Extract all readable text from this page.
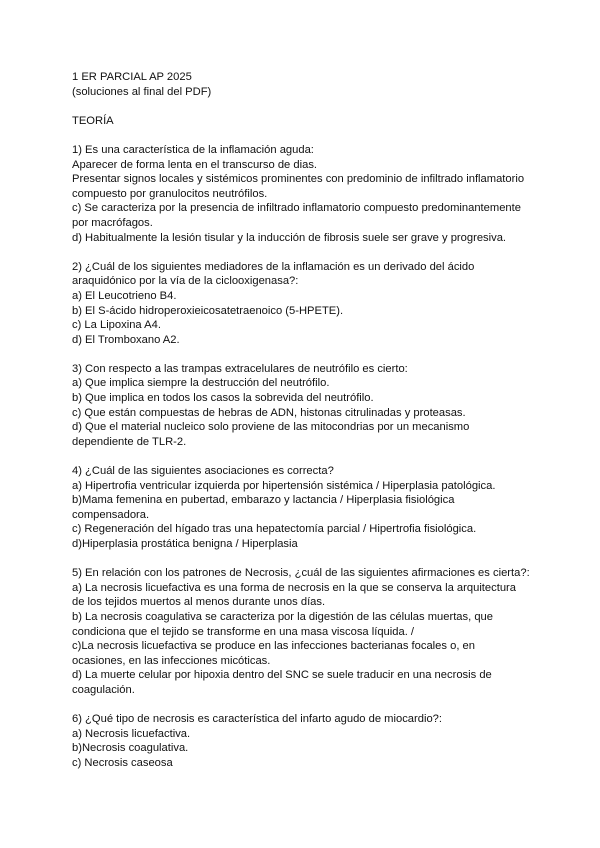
1 ER PARCIAL AP 2025
(soluciones al final del PDF)
TEORÍA
1) Es una característica de la inflamación aguda:
Aparecer de forma lenta en el transcurso de dias.
Presentar signos locales y sistémicos prominentes con predominio de infiltrado inflamatorio
compuesto por granulocitos neutrófilos.
c) Se caracteriza por la presencia de infiltrado inflamatorio compuesto predominantemente
por macrófagos.
d) Habitualmente la lesión tisular y la inducción de fibrosis suele ser grave y progresiva.
2) ¿Cuál de los siguientes mediadores de la inflamación es un derivado del ácido
araquidónico por la vía de la ciclooxigenasa?:
a) El Leucotrieno B4.
b) El S-ácido hidroperoxieicosatetraenoico (5-HPETE).
c) La Lipoxina A4.
d) El Tromboxano A2.
3) Con respecto a las trampas extracelulares de neutrófilo es cierto:
a) Que implica siempre la destrucción del neutrófilo.
b) Que implica en todos los casos la sobrevida del neutrófilo.
c) Que están compuestas de hebras de ADN, histonas citrulinadas y proteasas.
d) Que el material nucleico solo proviene de las mitocondrias por un mecanismo
dependiente de TLR-2.
4) ¿Cuál de las siguientes asociaciones es correcta?
a) Hipertrofia ventricular izquierda por hipertensión sistémica / Hiperplasia patológica.
b)Mama femenina en pubertad, embarazo y lactancia / Hiperplasia fisiológica
compensadora.
c) Regeneración del hígado tras una hepatectomía parcial / Hipertrofia fisiológica.
d)Hiperplasia prostática benigna / Hiperplasia
5) En relación con los patrones de Necrosis, ¿cuál de las siguientes afirmaciones es cierta?:
a) La necrosis licuefactiva es una forma de necrosis en la que se conserva la arquitectura
de los tejidos muertos al menos durante unos días.
b) La necrosis coagulativa se caracteriza por la digestión de las células muertas, que
condiciona que el tejido se transforme en una masa viscosa líquida. /
c)La necrosis licuefactiva se produce en las infecciones bacterianas focales o, en
ocasiones, en las infecciones micóticas.
d) La muerte celular por hipoxia dentro del SNC se suele traducir en una necrosis de
coagulación.
6) ¿Qué tipo de necrosis es característica del infarto agudo de miocardio?:
a) Necrosis licuefactiva.
b)Necrosis coagulativa.
c) Necrosis caseosa
